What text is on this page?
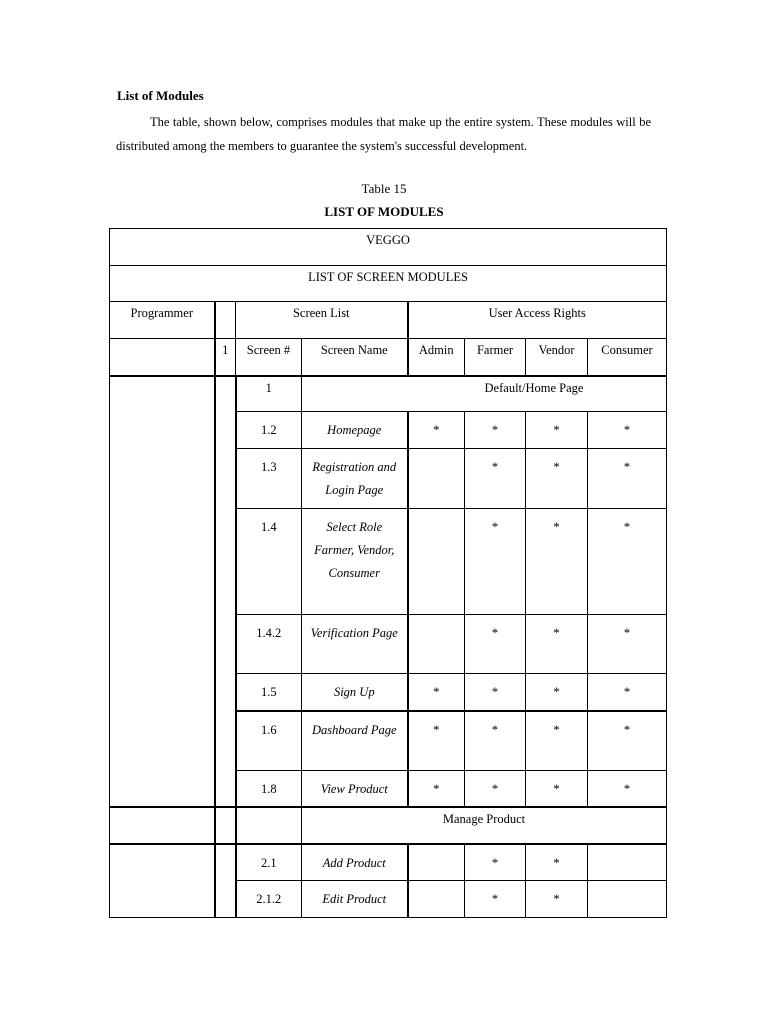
List of Modules

The table, shown below, comprises modules that make up the entire system. These modules will be distributed among the members to guarantee the system's successful development.

Table 15
LIST OF MODULES
VEGGO							
LIST OF SCREEN MODULES							
Programmer		Screen List		User Access Rights			
	1	Screen #	Screen Name	Admin	Farmer	Vendor	Consumer
		1	Default/Home Page				

		1.2	Homepage	*	*	*	*

		1.3	Registration and Login Page		*	*	*

		1.4	Select Role Farmer, Vendor, Consumer		*	*	*

		1.4.2	Verification Page		*	*	*

		1.5	Sign Up	*	*	*	*

		1.6	Dashboard Page	*	*	*	*

		1.8	View Product	*	*	*	*

			Manage Product				

		2.1	Add Product		*	*	

		2.1.2	Edit Product		*	*	
